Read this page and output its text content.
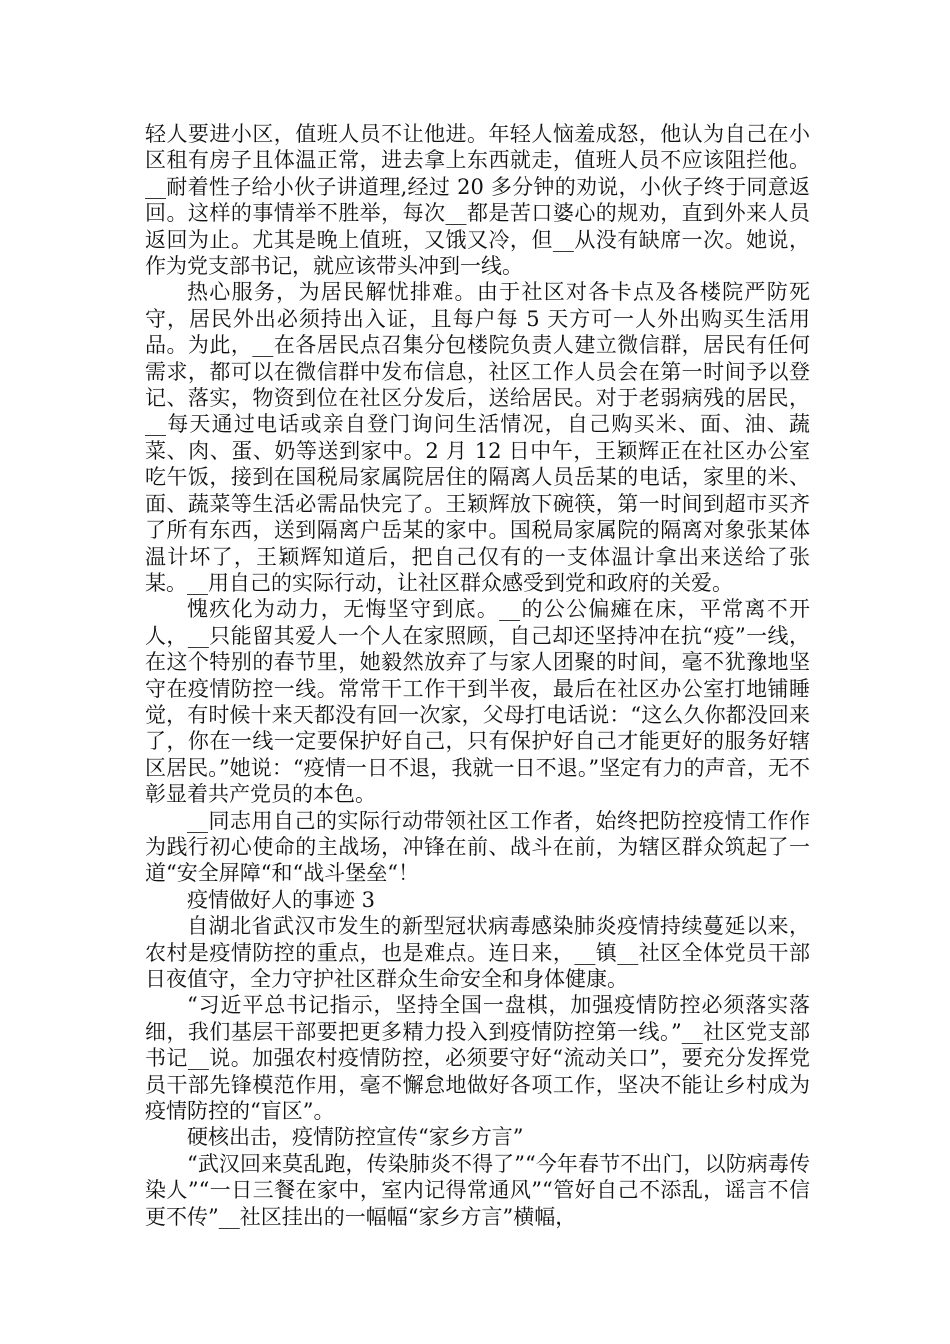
轻人要进小区，值班人员不让他进。年轻人恼羞成怒，他认为自己在小区租有房子且体温正常，进去拿上东西就走，值班人员不应该阻拦他。__耐着性子给小伙子讲道理,经过 20 多分钟的劝说，小伙子终于同意返回。这样的事情举不胜举，每次__都是苦口婆心的规劝，直到外来人员返回为止。尤其是晚上值班，又饿又冷，但__从没有缺席一次。她说，作为党支部书记，就应该带头冲到一线。

热心服务，为居民解忧排难。由于社区对各卡点及各楼院严防死守，居民外出必须持出入证，且每户每 5 天方可一人外出购买生活用品。为此，__在各居民点召集分包楼院负责人建立微信群，居民有任何需求，都可以在微信群中发布信息，社区工作人员会在第一时间予以登记、落实，物资到位在社区分发后，送给居民。对于老弱病残的居民，__每天通过电话或亲自登门询问生活情况，自己购买米、面、油、蔬菜、肉、蛋、奶等送到家中。2 月 12 日中午，王颖辉正在社区办公室吃午饭，接到在国税局家属院居住的隔离人员岳某的电话，家里的米、面、蔬菜等生活必需品快完了。王颖辉放下碗筷，第一时间到超市买齐了所有东西，送到隔离户岳某的家中。国税局家属院的隔离对象张某体温计坏了，王颖辉知道后，把自己仅有的一支体温计拿出来送给了张某。__用自己的实际行动，让社区群众感受到党和政府的关爱。

愧疚化为动力，无悔坚守到底。__的公公偏瘫在床，平常离不开人，__只能留其爱人一个人在家照顾，自己却还坚持冲在抗“疫”一线，在这个特别的春节里，她毅然放弃了与家人团聚的时间，毫不犹豫地坚守在疫情防控一线。常常干工作干到半夜，最后在社区办公室打地铺睡觉，有时候十来天都没有回一次家，父母打电话说：“这么久你都没回来了，你在一线一定要保护好自己，只有保护好自己才能更好的服务好辖区居民。”她说：“疫情一日不退，我就一日不退。”坚定有力的声音，无不彰显着共产党员的本色。

__同志用自己的实际行动带领社区工作者，始终把防控疫情工作作为践行初心使命的主战场，冲锋在前、战斗在前，为辖区群众筑起了一道“安全屏障“和“战斗堡垒“！

疫情做好人的事迹 3

自湖北省武汉市发生的新型冠状病毒感染肺炎疫情持续蔓延以来，农村是疫情防控的重点，也是难点。连日来，__镇__社区全体党员干部日夜值守，全力守护社区群众生命安全和身体健康。

“习近平总书记指示，坚持全国一盘棋，加强疫情防控必须落实落细，我们基层干部要把更多精力投入到疫情防控第一线。”__社区党支部书记__说。加强农村疫情防控，必须要守好“流动关口”，要充分发挥党员干部先锋模范作用，毫不懈怠地做好各项工作，坚决不能让乡村成为疫情防控的“盲区”。

硬核出击，疫情防控宣传“家乡方言”

“武汉回来莫乱跑，传染肺炎不得了”“今年春节不出门，以防病毒传染人”“一日三餐在家中，室内记得常通风”“管好自己不添乱，谣言不信更不传”__社区挂出的一幅幅“家乡方言”横幅，
